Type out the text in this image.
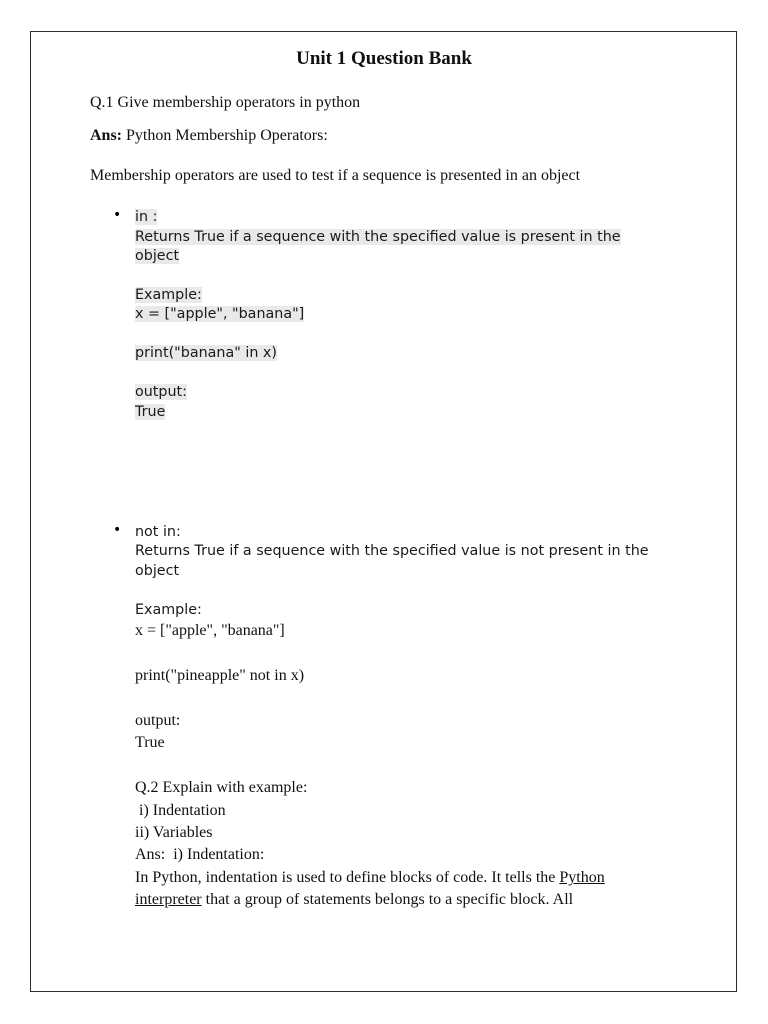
Unit 1 Question Bank
Q.1 Give membership operators in python
Ans: Python Membership Operators:
Membership operators are used to test if a sequence is presented in an object
• in :
Returns True if a sequence with the specified value is present in the
object
Example:
x = ["apple", "banana"]
print("banana" in x)
output:
True
• not in:
Returns True if a sequence with the specified value is not present in the
object
Example:
x = ["apple", "banana"]
print("pineapple" not in x)
output:
True
Q.2 Explain with example:
i) Indentation
ii) Variables
Ans:  i) Indentation:
In Python, indentation is used to define blocks of code. It tells the Python
interpreter that a group of statements belongs to a specific block. All
